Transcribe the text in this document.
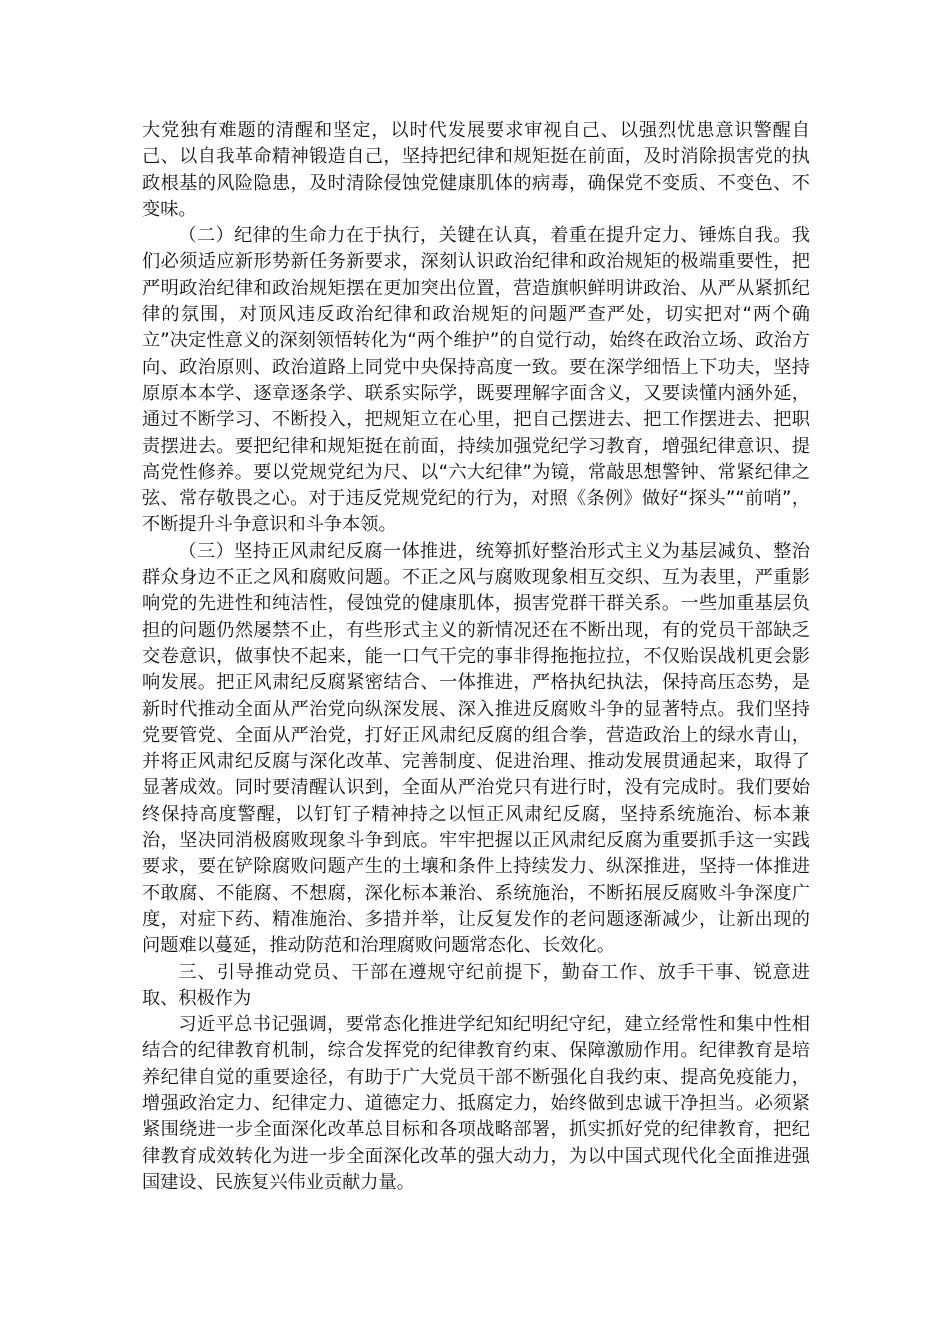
大党独有难题的清醒和坚定，以时代发展要求审视自己、以强烈忧患意识警醒自己、以自我革命精神锻造自己，坚持把纪律和规矩挺在前面，及时消除损害党的执政根基的风险隐患，及时清除侵蚀党健康肌体的病毒，确保党不变质、不变色、不变味。

（二）纪律的生命力在于执行，关键在认真，着重在提升定力、锤炼自我。我们必须适应新形势新任务新要求，深刻认识政治纪律和政治规矩的极端重要性，把严明政治纪律和政治规矩摆在更加突出位置，营造旗帜鲜明讲政治、从严从紧抓纪律的氛围，对顶风违反政治纪律和政治规矩的问题严查严处，切实把对“两个确立”决定性意义的深刻领悟转化为“两个维护”的自觉行动，始终在政治立场、政治方向、政治原则、政治道路上同党中央保持高度一致。要在深学细悟上下功夫，坚持原原本本学、逐章逐条学、联系实际学，既要理解字面含义，又要读懂内涵外延，通过不断学习、不断投入，把规矩立在心里，把自己摆进去、把工作摆进去、把职责摆进去。要把纪律和规矩挺在前面，持续加强党纪学习教育，增强纪律意识、提高党性修养。要以党规党纪为尺、以“六大纪律”为镜，常敲思想警钟、常紧纪律之弦、常存敬畏之心。对于违反党规党纪的行为，对照《条例》做好“探头”“前哨”，不断提升斗争意识和斗争本领。

（三）坚持正风肃纪反腐一体推进，统筹抓好整治形式主义为基层减负、整治群众身边不正之风和腐败问题。不正之风与腐败现象相互交织、互为表里，严重影响党的先进性和纯洁性，侵蚀党的健康肌体，损害党群干群关系。一些加重基层负担的问题仍然屡禁不止，有些形式主义的新情况还在不断出现，有的党员干部缺乏交卷意识，做事快不起来，能一口气干完的事非得拖拖拉拉，不仅贻误战机更会影响发展。把正风肃纪反腐紧密结合、一体推进，严格执纪执法，保持高压态势，是新时代推动全面从严治党向纵深发展、深入推进反腐败斗争的显著特点。我们坚持党要管党、全面从严治党，打好正风肃纪反腐的组合拳，营造政治上的绿水青山，并将正风肃纪反腐与深化改革、完善制度、促进治理、推动发展贯通起来，取得了显著成效。同时要清醒认识到，全面从严治党只有进行时，没有完成时。我们要始终保持高度警醒，以钉钉子精神持之以恒正风肃纪反腐，坚持系统施治、标本兼治，坚决同消极腐败现象斗争到底。牢牢把握以正风肃纪反腐为重要抓手这一实践要求，要在铲除腐败问题产生的土壤和条件上持续发力、纵深推进，坚持一体推进不敢腐、不能腐、不想腐，深化标本兼治、系统施治，不断拓展反腐败斗争深度广度，对症下药、精准施治、多措并举，让反复发作的老问题逐渐减少，让新出现的问题难以蔓延，推动防范和治理腐败问题常态化、长效化。

三、引导推动党员、干部在遵规守纪前提下，勤奋工作、放手干事、锐意进取、积极作为

习近平总书记强调，要常态化推进学纪知纪明纪守纪，建立经常性和集中性相结合的纪律教育机制，综合发挥党的纪律教育约束、保障激励作用。纪律教育是培养纪律自觉的重要途径，有助于广大党员干部不断强化自我约束、提高免疫能力，增强政治定力、纪律定力、道德定力、抵腐定力，始终做到忠诚干净担当。必须紧紧围绕进一步全面深化改革总目标和各项战略部署，抓实抓好党的纪律教育，把纪律教育成效转化为进一步全面深化改革的强大动力，为以中国式现代化全面推进强国建设、民族复兴伟业贡献力量。
